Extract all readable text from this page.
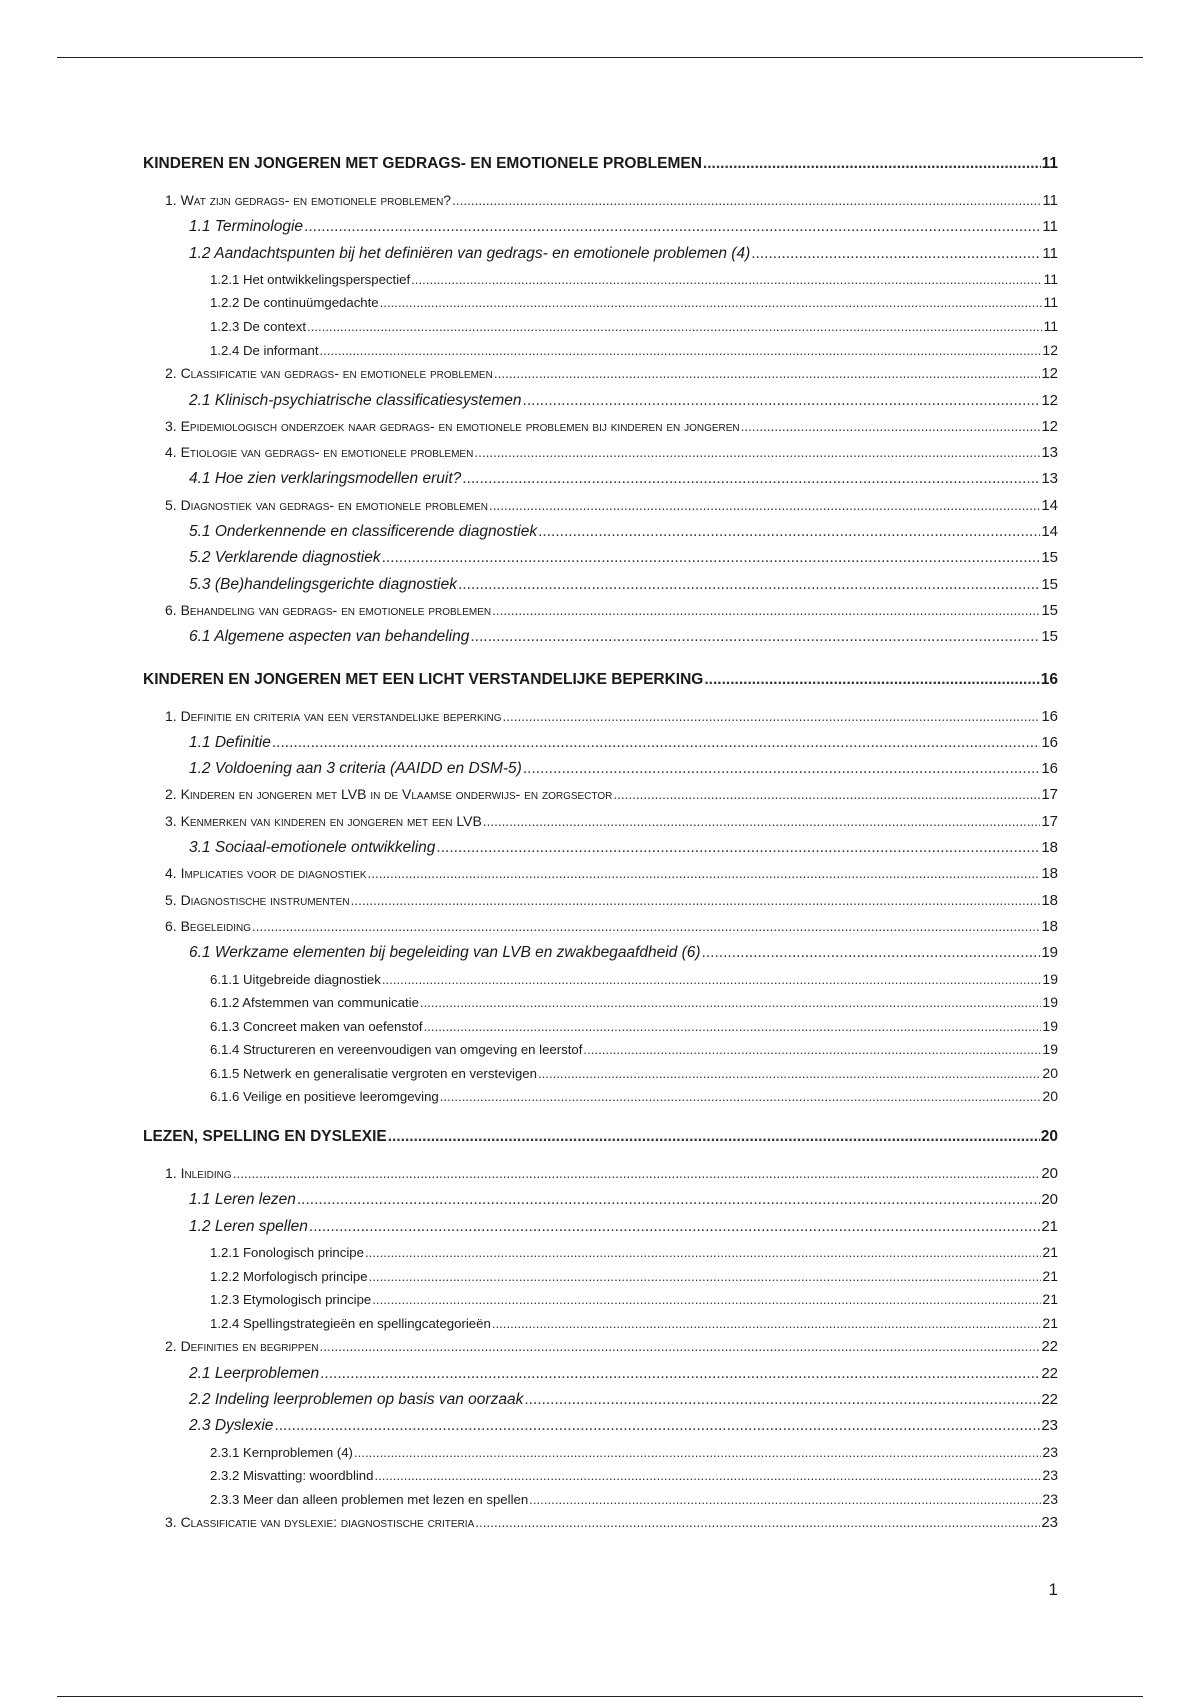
KINDEREN EN JONGEREN MET GEDRAGS- EN EMOTIONELE PROBLEMEN .....	11
1. Wat zijn gedrags- en emotionele problemen? .....	11
1.1 Terminologie .....	11
1.2 Aandachtspunten bij het definiëren van gedrags- en emotionele problemen (4) .....	11
1.2.1 Het ontwikkelingsperspectief .....	11
1.2.2 De continuümgedachte .....	11
1.2.3 De context .....	11
1.2.4 De informant .....	12
2. Classificatie van gedrags- en emotionele problemen .....	12
2.1 Klinisch-psychiatrische classificatiesystemen .....	12
3. Epidemiologisch onderzoek naar gedrags- en emotionele problemen bij kinderen en jongeren .....	12
4. Etiologie van gedrags- en emotionele problemen .....	13
4.1 Hoe zien verklaringsmodellen eruit? .....	13
5. Diagnostiek van gedrags- en emotionele problemen .....	14
5.1 Onderkennende en classificerende diagnostiek .....	14
5.2 Verklarende diagnostiek .....	15
5.3 (Be)handelingsgerichte diagnostiek .....	15
6. Behandeling van gedrags- en emotionele problemen .....	15
6.1 Algemene aspecten van behandeling .....	15
KINDEREN EN JONGEREN MET EEN LICHT VERSTANDELIJKE BEPERKING .....	16
1. Definitie en criteria van een verstandelijke beperking .....	16
1.1 Definitie .....	16
1.2 Voldoening aan 3 criteria (AAIDD en DSM-5) .....	16
2. Kinderen en jongeren met LVB in de Vlaamse onderwijs- en zorgsector .....	17
3. Kenmerken van kinderen en jongeren met een LVB .....	17
3.1 Sociaal-emotionele ontwikkeling .....	18
4. Implicaties voor de diagnostiek .....	18
5. Diagnostische instrumenten .....	18
6. Begeleiding .....	18
6.1 Werkzame elementen bij begeleiding van LVB en zwakbegaafdheid (6) .....	19
6.1.1 Uitgebreide diagnostiek .....	19
6.1.2 Afstemmen van communicatie .....	19
6.1.3 Concreet maken van oefenstof .....	19
6.1.4 Structureren en vereenvoudigen van omgeving en leerstof .....	19
6.1.5 Netwerk en generalisatie vergroten en verstevigen .....	20
6.1.6 Veilige en positieve leeromgeving .....	20
LEZEN, SPELLING EN DYSLEXIE .....	20
1. Inleiding .....	20
1.1 Leren lezen .....	20
1.2 Leren spellen .....	21
1.2.1 Fonologisch principe .....	21
1.2.2 Morfologisch principe .....	21
1.2.3 Etymologisch principe .....	21
1.2.4 Spellingstrategieën en spellingcategorieën .....	21
2. Definities en begrippen .....	22
2.1 Leerproblemen .....	22
2.2 Indeling leerproblemen op basis van oorzaak .....	22
2.3 Dyslexie .....	23
2.3.1 Kernproblemen (4) .....	23
2.3.2 Misvatting: woordblind .....	23
2.3.3 Meer dan alleen problemen met lezen en spellen .....	23
3. Classificatie van dyslexie: diagnostische criteria .....	23
1
